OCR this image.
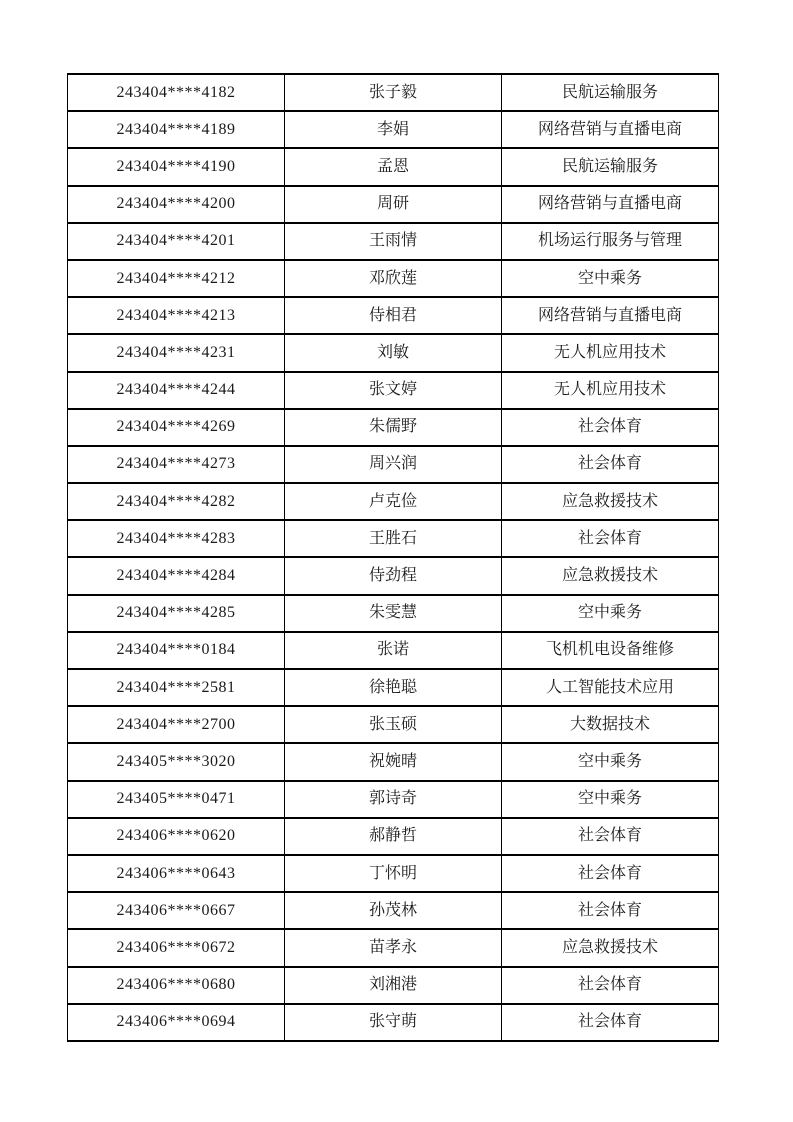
243404****4182	张子毅	民航运输服务
243404****4189	李娟	网络营销与直播电商
243404****4190	孟恩	民航运输服务
243404****4200	周研	网络营销与直播电商
243404****4201	王雨情	机场运行服务与管理
243404****4212	邓欣莲	空中乘务
243404****4213	侍相君	网络营销与直播电商
243404****4231	刘敏	无人机应用技术
243404****4244	张文婷	无人机应用技术
243404****4269	朱儒野	社会体育
243404****4273	周兴润	社会体育
243404****4282	卢克俭	应急救援技术
243404****4283	王胜石	社会体育
243404****4284	侍劲程	应急救援技术
243404****4285	朱雯慧	空中乘务
243404****0184	张诺	飞机机电设备维修
243404****2581	徐艳聪	人工智能技术应用
243404****2700	张玉硕	大数据技术
243405****3020	祝婉晴	空中乘务
243405****0471	郭诗奇	空中乘务
243406****0620	郝静哲	社会体育
243406****0643	丁怀明	社会体育
243406****0667	孙茂林	社会体育
243406****0672	苗孝永	应急救援技术
243406****0680	刘湘港	社会体育
243406****0694	张守萌	社会体育
